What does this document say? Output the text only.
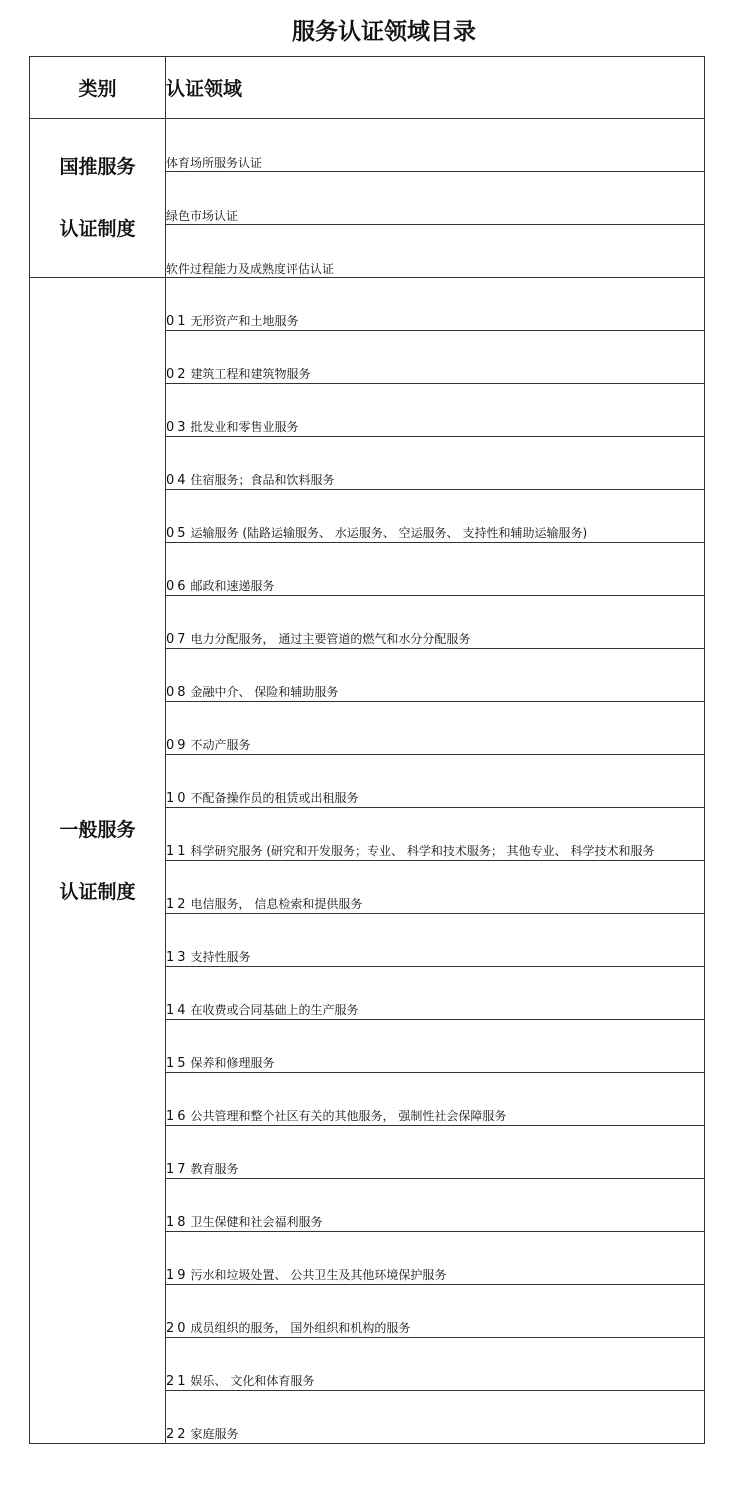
服务认证领域目录
类别	认证领域

国推服务
认证制度	体育场所服务认证
	绿色市场认证
	软件过程能力及成熟度评估认证

一般服务
认证制度	01 无形资产和土地服务
	02 建筑工程和建筑物服务
	03 批发业和零售业服务
	04 住宿服务；食品和饮料服务
	05 运输服务 (陆路运输服务、 水运服务、 空运服务、 支持性和辅助运输服务)
	06 邮政和速递服务
	07 电力分配服务， 通过主要管道的燃气和水分分配服务
	08 金融中介、 保险和辅助服务
	09 不动产服务
	10 不配备操作员的租赁或出租服务
	11 科学研究服务 (研究和开发服务；专业、 科学和技术服务； 其他专业、 科学技术和服务
	12 电信服务， 信息检索和提供服务
	13 支持性服务
	14 在收费或合同基础上的生产服务
	15 保养和修理服务
	16 公共管理和整个社区有关的其他服务， 强制性社会保障服务
	17 教育服务
	18 卫生保健和社会福利服务
	19 污水和垃圾处置、 公共卫生及其他环境保护服务
	20 成员组织的服务， 国外组织和机构的服务
	21 娱乐、 文化和体育服务
	22 家庭服务
